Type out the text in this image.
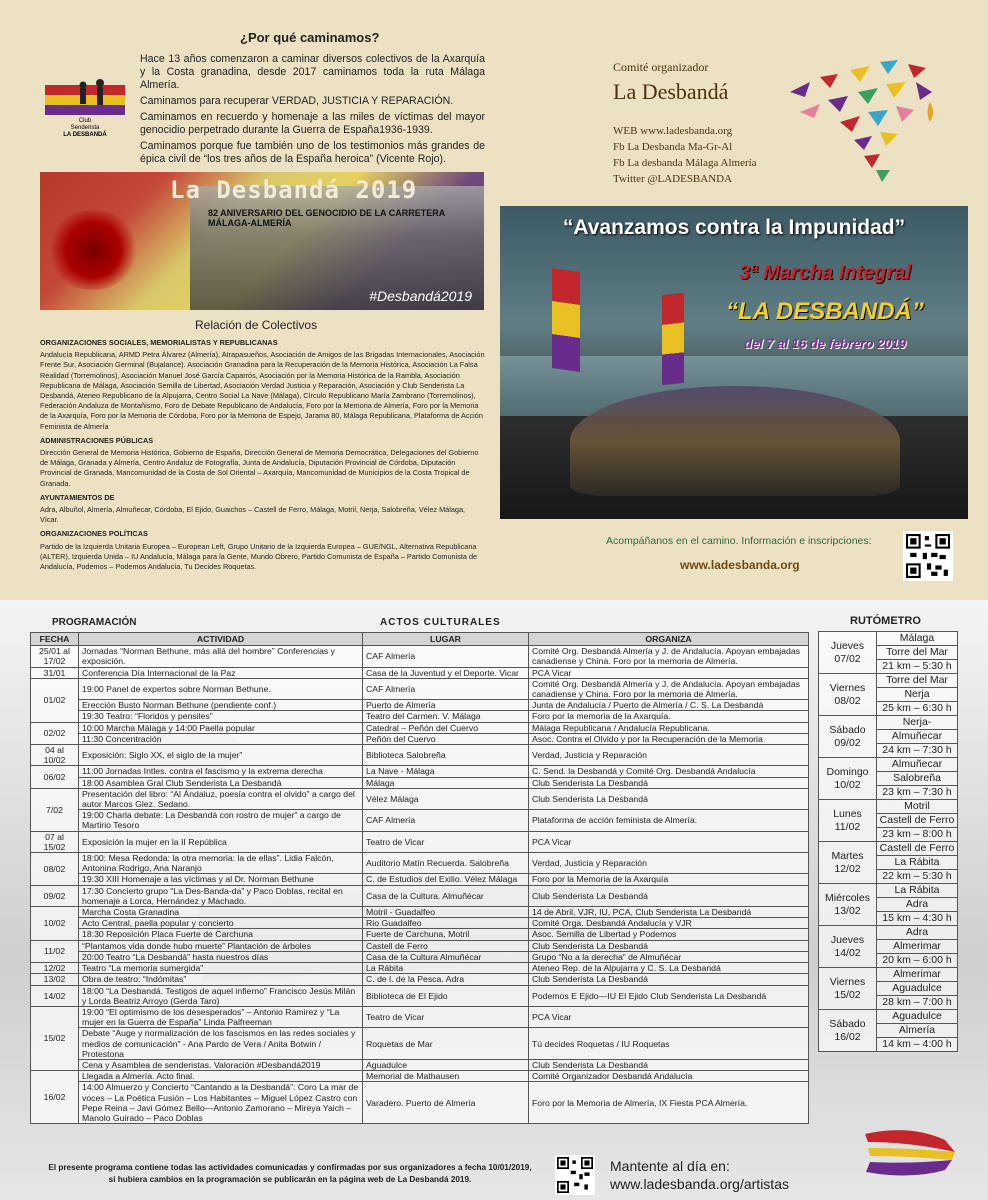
¿Por qué caminamos?
Club
Senderista
LA DESBANDÁ

Hace 13 años comenzaron a caminar diversos colectivos de la Axarquía y la Costa granadina, desde 2017 caminamos toda la ruta Málaga Almería.

Caminamos para recuperar VERDAD, JUSTICIA Y REPARACIÓN.

Caminamos en recuerdo y homenaje a las miles de víctimas del mayor genocidio perpetrado durante la Guerra de España1936-1939.

Caminamos porque fue también uno de los testimonios más grandes de épica civil de “los tres años de la España heroica” (Vicente Rojo).

La Desbandá 2019
82 ANIVERSARIO DEL GENOCIDIO DE LA CARRETERA MÁLAGA-ALMERÍA
#Desbandá2019
Relación de Colectivos
ORGANIZACIONES SOCIALES, MEMORIALISTAS Y REPUBLICANAS
Andalucía Republicana, ARMD Petra Álvarez (Almería), Atrapasueños, Asociación de Amigos de las Brigadas Internacionales, Asociación Frente Sur, Asociación Germinal (Bujalance). Asociación Granadina para la Recuperación de la Memoria Histórica, Asociación La Falsa Realidad (Torremolinos), Asociación Manuel José García Caparrós, Asociación por la Memoria Histórica de la Rambla, Asociación Republicana de Málaga, Asociación Semilla de Libertad, Asociación Verdad Justicia y Reparación, Asociación y Club Senderista La Desbandá, Ateneo Republicano de la Alpujarra, Centro Social La Nave (Málaga), Círculo Republicano María Zambrano (Torremolinos), Federación Andaluza de Montañismo, Foro de Debate Republicano de Andalucía, Foro por la Memoria de Almería, Foro por la Memoria de la Axarquía, Foro por la Memoria de Córdoba, Foro por la Memoria de Espejo, Jarama 80, Málaga Republicana, Plataforma de Acción Feminista de Almería
ADMINISTRACIONES PÚBLICAS
Dirección General de Memoria Histórica, Gobierno de España, Dirección General de Memoria Democrática, Delegaciones del Gobierno de Málaga, Granada y Almería, Centro Andaluz de Fotografía, Junta de Andalucía, Diputación Provincial de Córdoba, Diputación Provincial de Granada, Mancomunidad de la Costa de Sol Oriental – Axarquía, Mancomunidad de Municipios de la Costa Tropical de Granada.
AYUNTAMIENTOS DE
Adra, Albuñol, Almería, Almuñecar, Córdoba, El Ejido, Guaichos – Castell de Ferro, Málaga, Motril, Nerja, Salobreña, Vélez Málaga, Vícar.
ORGANIZACIONES POLÍTICAS
Partido de la Izquierda Unitaria Europea – European Left, Grupo Unitario de la Izquierda Europea – GUE/NGL, Alternativa Republicana (ALTER), Izquierda Unida – IU Andalucía, Málaga para la Gente, Mundo Obrero, Partido Comunista de España – Partido Comunista de Andalucía, Podemos – Podemos Andalucía, Tu Decides Roquetas.
Comité organizador
La Desbandá
WEB www.ladesbanda.org
Fb La Desbanda Ma-Gr-Al
Fb La desbanda Málaga Almería
Twitter @LADESBANDA
“Avanzamos contra la Impunidad”
3ª Marcha Integral
“LA DESBANDÁ”
del 7 al 16 de febrero 2019
Acompáñanos en el camino. Información e inscripciones:
www.ladesbanda.org
PROGRAMACIÓN	ACTOS CULTURALES
FECHA	ACTIVIDAD	LUGAR	ORGANIZA
25/01 al 17/02	Jornadas “Norman Bethune, más allá del hombre” Conferencias y exposición.	CAF Almería	Comité Org. Desbandá Almería y J. de Andalucía. Apoyan embajadas canadiense y China. Foro por la memoria de Almería.
31/01	Conferencia Día Internacional de la Paz	Casa de la Juventud y el Deporte. Vicar	PCA Vicar
01/02	19:00 Panel de expertos sobre Norman Bethune.	CAF Almería	Comité Org. Desbandá Almería y J. de Andalucía. Apoyan embajadas canadiense y China. Foro por la memoria de Almería.
	Erección Busto Norman Bethune (pendiente conf.)	Puerto de Almería	Junta de Andalucía / Puerto de Almería / C. S. La Desbandá
	19:30 Teatro: “Floridos y pensiles”	Teatro del Carmen. V. Málaga	Foro por la memoria de la Axarquía.
02/02	10:00 Marcha Málaga y 14:00 Paella popular	Catedral – Peñón del Cuervo	Málaga Republicana / Andalucía Republicana.
	11:30 Concentración	Peñón del Cuervo	Asoc. Contra el Olvido y por la Recuperación de la Memoria
04 al 10/02	Exposición: Siglo XX, el siglo de la mujer”	Biblioteca Salobreña	Verdad, Justicia y Reparación
06/02	11:00 Jornadas Intles. contra el fascismo y la extrema derecha	La Nave - Málaga	C. Send. la Desbandá y Comité Org. Desbandá Andalucía
	18:00 Asamblea Gral Club Senderista La Desbandá	Málaga	Club Senderista La Desbandá
7/02	Presentación del libro: “Al Ándaluz, poesía contra el olvido” a cargo del autor Marcos Glez. Sedano.	Vélez Málaga	Club Senderista La Desbandá
	19:00 Charla debate: La Desbandá con rostro de mujer” a cargo de Martirio Tesoro	CAF Almería	Plataforma de acción feminista de Almería.
07 al 15/02	Exposición la mujer en la II República	Teatro de Vicar	PCA Vicar
08/02	18:00: Mesa Redonda: la otra memoria: la de ellas”. Lidia Falcón, Antonina Rodrigo, Ana Naranjo	Auditorio Matín Recuerda. Salobreña	Verdad, Justicia y Reparación
	19:30 XIII Homenaje a las víctimas y al Dr. Norman Bethune	C. de Estudios del Exilio. Vélez Málaga	Foro por la Memoria de la Axarquía
09/02	17:30 Concierto grupo “La Des-Banda-da” y Paco Doblas, recital en homenaje a Lorca, Hernández y Machado.	Casa de la Cultura. Almuñécar	Club Senderista La Desbandá
10/02	Marcha Costa Granadina	Motril - Guadalfeo	14 de Abril, VJR, IU, PCA, Club Senderista La Desbandá
	Acto Central, paella popular y concierto	Rio Guadalfeo	Comité Orga. Desbandá Andalucía y VJR
	18:30 Reposición Placa Fuerte de Carchuna	Fuerte de Carchuna, Motril	Asoc. Semilla de Libertad y Podemos
11/02	“Plantamos vida donde hubo muerte” Plantación de árboles	Castell de Ferro	Club Senderista La Desbandá
	20:00 Teatro “La Desbandá” hasta nuestros días	Casa de la Cultura Almuñécar	Grupo “No a la derecha” de Almuñécar
12/02	Teatro “La memoria sumergida”	La Rábita	Ateneo Rep. de la Alpujarra y C. S. La Desbandá
13/02	Obra de teatro: “Indómitas”	C. de l. de la Pesca. Adra	Club Senderista La Desbandá
14/02	18:00 “La Desbandá. Testigos de aquel infierno” Francisco Jesús Milán y Lorda Beatriz Arroyo (Gerda Taro)	Biblioteca de El Ejido	Podemos E Ejido—IU El Ejido Club Senderista La Desbandá
15/02	19:00 “El optimismo de los desesperados” – Antonio Ramirez y “La mujer en la Guerra de España” Linda Palfreeman	Teatro de Vicar	PCA Vicar
	Debate “Auge y normalización de los fascismos en las redes sociales y medios de comunicación” - Ana Pardo de Vera / Anita Botwin / Protestona	Roquetas de Mar	Tú decides Roquetas / IU Roquetas
	Cena y Asamblea de senderistas. Valoración #Desbandá2019	Aguadulce	Club Senderista La Desbandá
16/02	Llegada a Almería. Acto final.	Memorial de Mathausen	Comité Organizador Desbandá Andalucía
	14:00 Almuerzo y Concierto “Cantando a la Desbandá”: Coro La mar de voces – La Poética Fusión – Los Habitantes – Miguel López Castro con Pepe Reina – Javi Gómez Bello—Antonio Zamorano – Mireya Yaich – Manolo Guirado – Paco Doblas	Varadero. Puerto de Almería	Foro por la Memoria de Almería, IX Fiesta PCA Almería.
RUTÓMETRO
Jueves
07/02	Málaga
	Torre del Mar
	21 km – 5:30 h

Viernes
08/02	Torre del Mar
	Nerja
	25 km – 6:30 h

Sábado
09/02	Nerja-
	Almuñecar
	24 km – 7:30 h

Domingo
10/02	Almuñecar
	Salobreña
	23 km – 7:30 h

Lunes
11/02	Motril
	Castell de Ferro
	23 km – 8:00 h

Martes
12/02	Castell de Ferro
	La Rábita
	22 km – 5:30 h

Miércoles
13/02	La Rábita
	Adra
	15 km – 4:30 h

Jueves
14/02	Adra
	Almerimar
	20 km – 6:00 h

Viernes
15/02	Almerimar
	Aguadulce
	28 km – 7:00 h

Sábado
16/02	Aguadulce
	Almería
	14 km – 4:00 h
El presente programa contiene todas las actividades comunicadas y confirmadas por sus organizadores a fecha 10/01/2019,
si hubiera cambios en la programación se publicarán en la página web de La Desbandá 2019.
Mantente al día en:
www.ladesbanda.org/artistas
